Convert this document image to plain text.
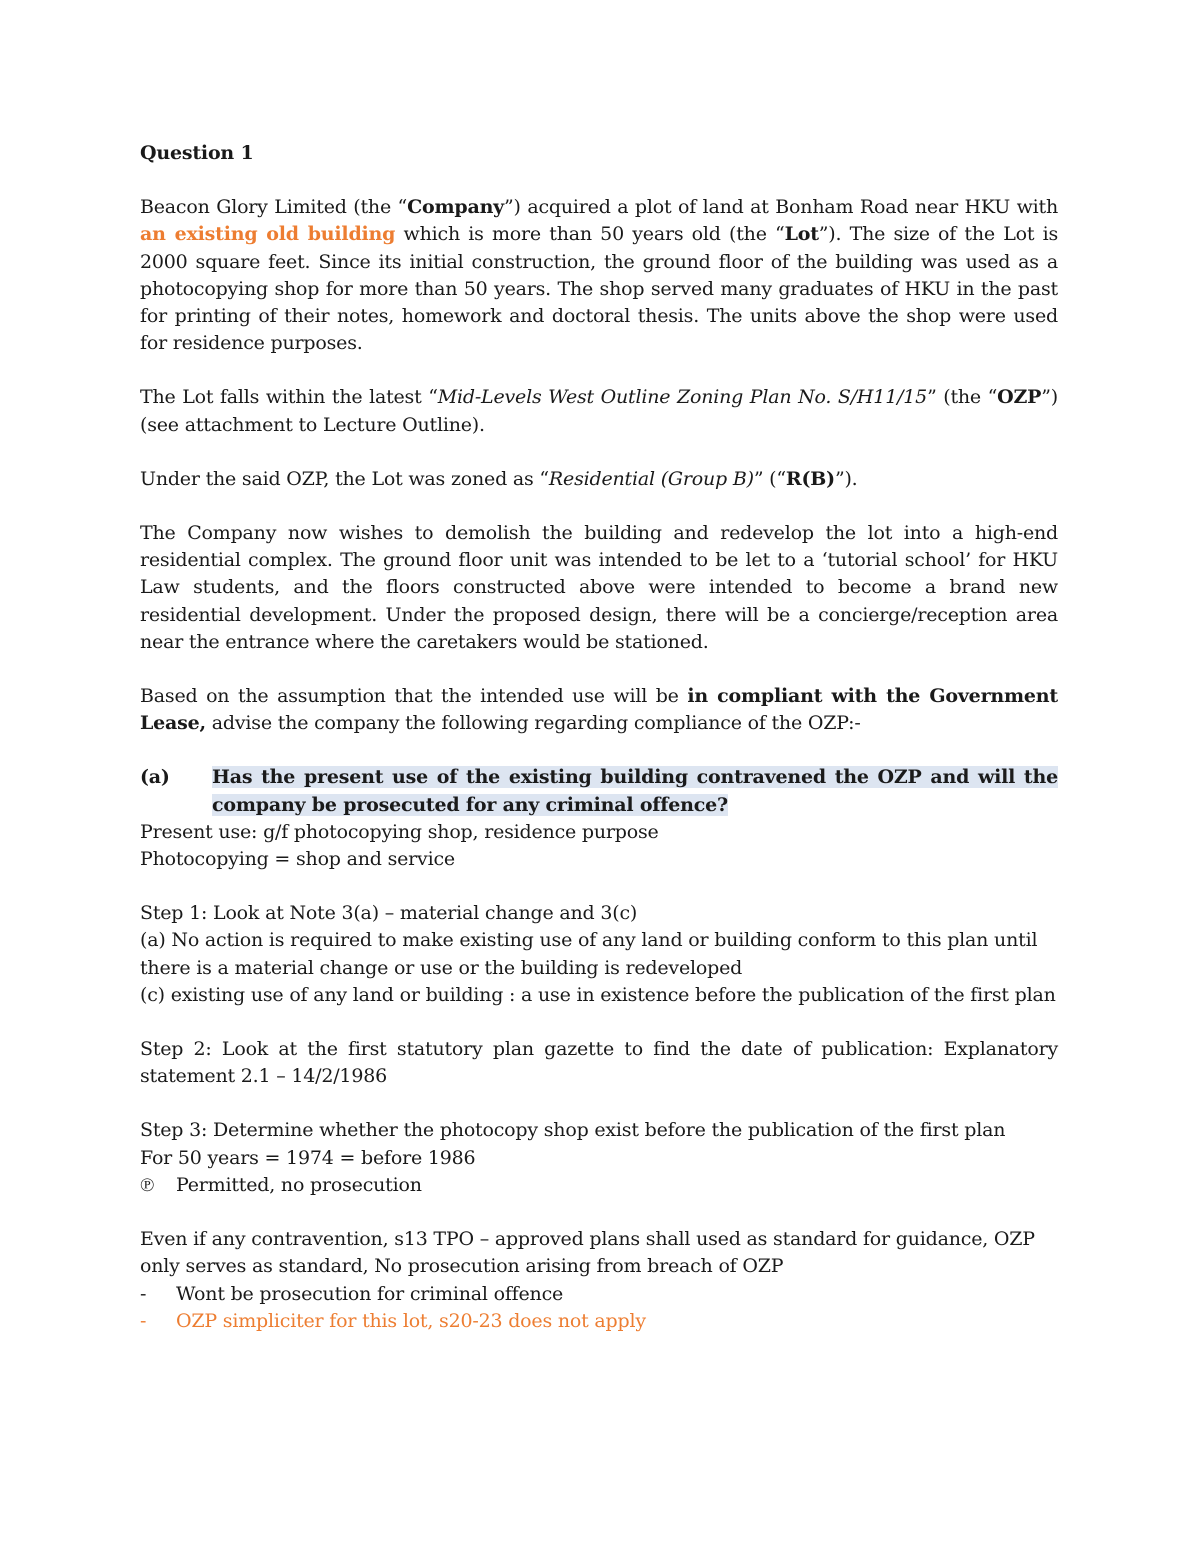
Question 1

Beacon Glory Limited (the “Company”) acquired a plot of land at Bonham Road near HKU with an existing old building which is more than 50 years old (the “Lot”). The size of the Lot is 2000 square feet. Since its initial construction, the ground floor of the building was used as a photocopying shop for more than 50 years. The shop served many graduates of HKU in the past for printing of their notes, homework and doctoral thesis. The units above the shop were used for residence purposes.

The Lot falls within the latest “Mid-Levels West Outline Zoning Plan No. S/H11/15” (the “OZP”) (see attachment to Lecture Outline).

Under the said OZP, the Lot was zoned as “Residential (Group B)” (“R(B)”).

The Company now wishes to demolish the building and redevelop the lot into a high-end residential complex. The ground floor unit was intended to be let to a ‘tutorial school’ for HKU Law students, and the floors constructed above were intended to become a brand new residential development. Under the proposed design, there will be a concierge/reception area near the entrance where the caretakers would be stationed.

Based on the assumption that the intended use will be in compliant with the Government Lease, advise the company the following regarding compliance of the OZP:-

(a)	Has the present use of the existing building contravened the OZP and will the company be prosecuted for any criminal offence?

Present use: g/f photocopying shop, residence purpose

Photocopying = shop and service

Step 1: Look at Note 3(a) – material change and 3(c)

(a) No action is required to make existing use of any land or building conform to this plan until there is a material change or use or the building is redeveloped

(c) existing use of any land or building : a use in existence before the publication of the first plan

Step 2: Look at the first statutory plan gazette to find the date of publication: Explanatory statement 2.1 – 14/2/1986

Step 3: Determine whether the photocopy shop exist before the publication of the first plan

For 50 years = 1974 = before 1986

℗ Permitted, no prosecution

Even if any contravention, s13 TPO – approved plans shall used as standard for guidance, OZP only serves as standard, No prosecution arising from breach of OZP

-	Wont be prosecution for criminal offence
-	OZP simpliciter for this lot, s20-23 does not apply
